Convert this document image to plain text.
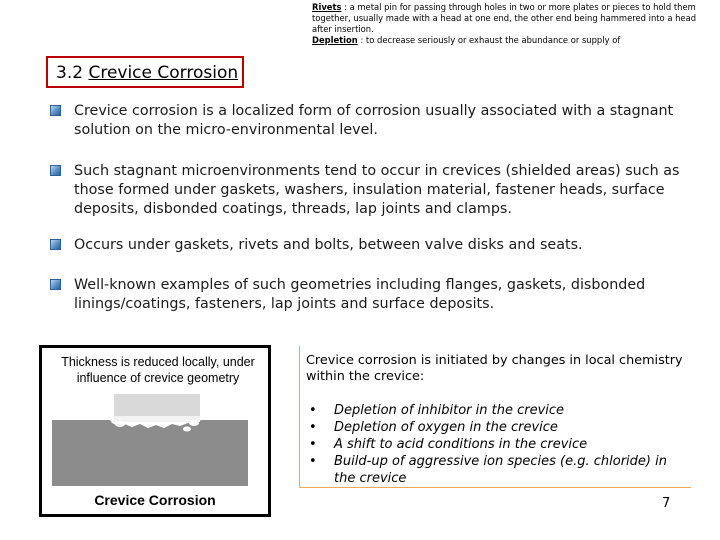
Rivets : a metal pin for passing through holes in two or more plates or pieces to hold them together, usually made with a head at one end, the other end being hammered into a head after insertion.
Depletion : to decrease seriously or exhaust the abundance or supply of
3.2 Crevice Corrosion
Crevice corrosion is a localized form of corrosion usually associated with a stagnant solution on the micro-environmental level.
Such stagnant microenvironments tend to occur in crevices (shielded areas) such as those formed under gaskets, washers, insulation material, fastener heads, surface deposits, disbonded coatings, threads, lap joints and clamps.
Occurs under gaskets, rivets and bolts, between valve disks and seats.
Well-known examples of such geometries including flanges, gaskets, disbonded linings/coatings, fasteners, lap joints and surface deposits.
Thickness is reduced locally, under influence of crevice geometry
Crevice Corrosion
Crevice corrosion is initiated by changes in local chemistry within the crevice:
• Depletion of inhibitor in the crevice
• Depletion of oxygen in the crevice
• A shift to acid conditions in the crevice
• Build-up of aggressive ion species (e.g. chloride) in the crevice
7
